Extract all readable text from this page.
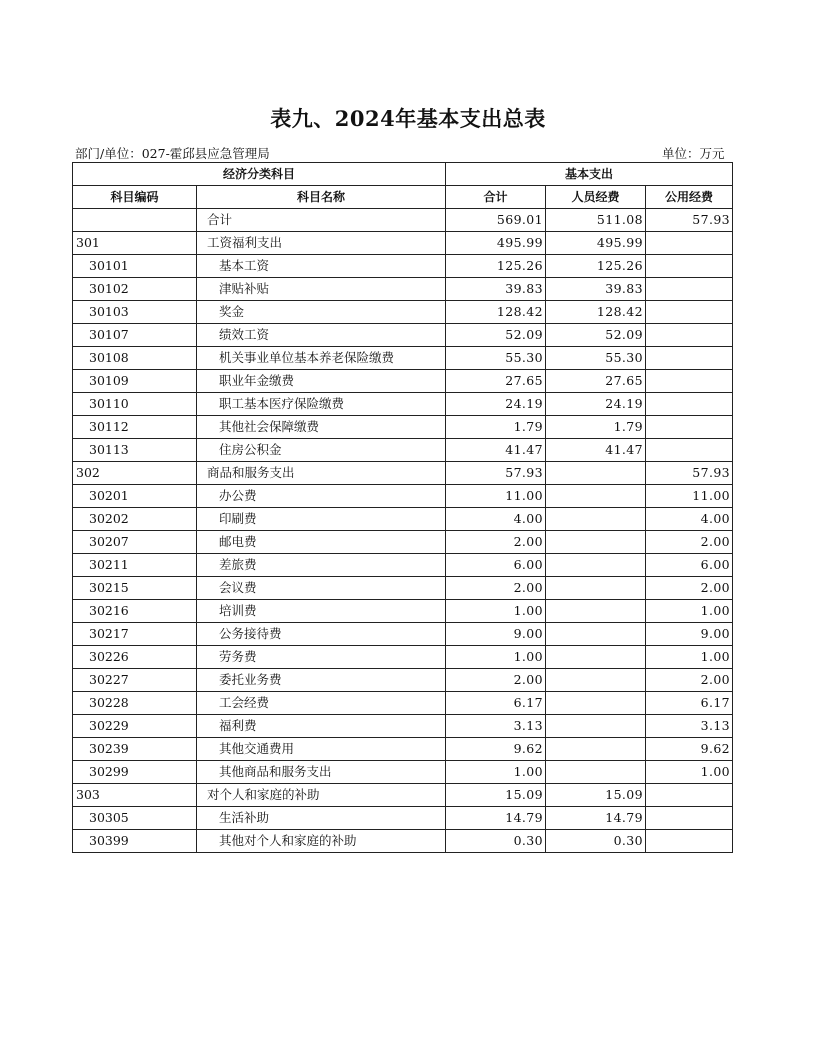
表九、2024年基本支出总表
部门/单位：027-霍邱县应急管理局	单位：万元
经济分类科目		基本支出		
科目编码	科目名称	合计	人员经费	公用经费
	合计	569.01	511.08	57.93
301	工资福利支出	495.99	495.99	
30101	基本工资	125.26	125.26	
30102	津贴补贴	39.83	39.83	
30103	奖金	128.42	128.42	
30107	绩效工资	52.09	52.09	
30108	机关事业单位基本养老保险缴费	55.30	55.30	
30109	职业年金缴费	27.65	27.65	
30110	职工基本医疗保险缴费	24.19	24.19	
30112	其他社会保障缴费	1.79	1.79	
30113	住房公积金	41.47	41.47	
302	商品和服务支出	57.93		57.93
30201	办公费	11.00		11.00
30202	印刷费	4.00		4.00
30207	邮电费	2.00		2.00
30211	差旅费	6.00		6.00
30215	会议费	2.00		2.00
30216	培训费	1.00		1.00
30217	公务接待费	9.00		9.00
30226	劳务费	1.00		1.00
30227	委托业务费	2.00		2.00
30228	工会经费	6.17		6.17
30229	福利费	3.13		3.13
30239	其他交通费用	9.62		9.62
30299	其他商品和服务支出	1.00		1.00
303	对个人和家庭的补助	15.09	15.09	
30305	生活补助	14.79	14.79	
30399	其他对个人和家庭的补助	0.30	0.30	
